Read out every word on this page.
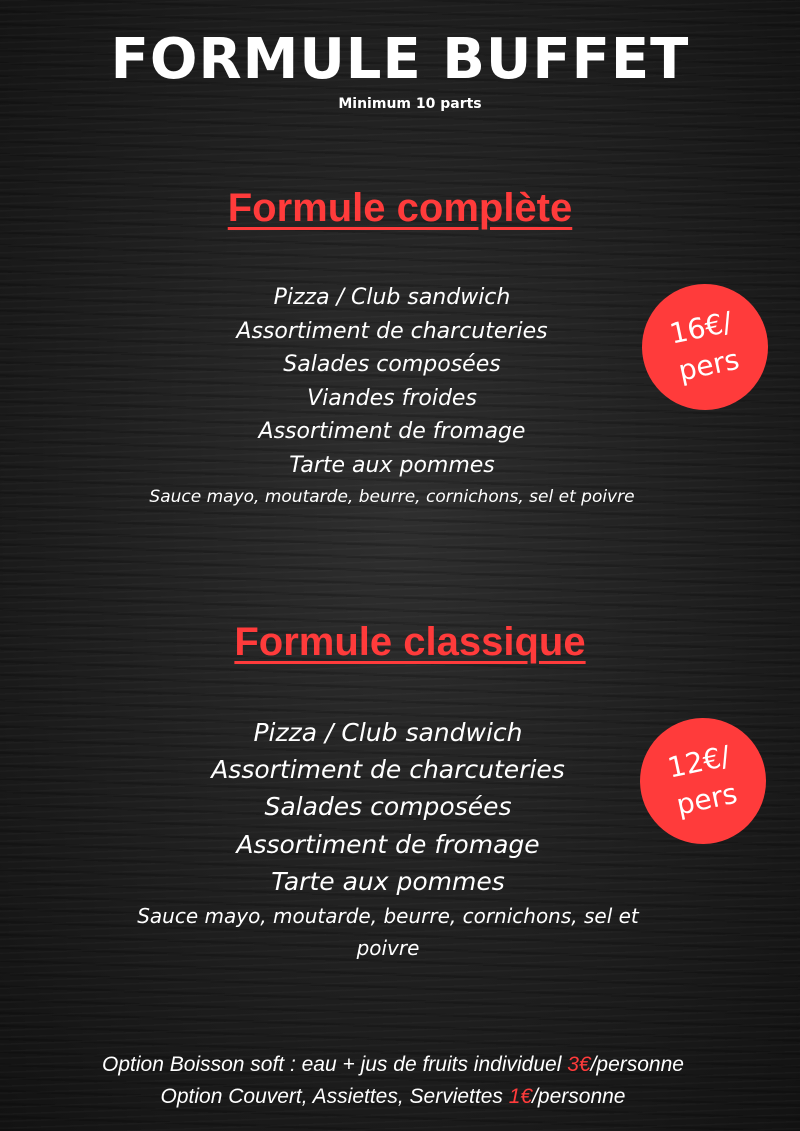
FORMULE BUFFET
Minimum 10 parts
Formule complète
Pizza / Club sandwich
Assortiment de charcuteries
Salades composées
Viandes froides
Assortiment de fromage
Tarte aux pommes
Sauce mayo, moutarde, beurre, cornichons, sel et poivre
16€/
pers
Formule classique
Pizza / Club sandwich
Assortiment de charcuteries
Salades composées
Assortiment de fromage
Tarte aux pommes
Sauce mayo, moutarde, beurre, cornichons, sel et poivre
12€/
pers
Option Boisson soft : eau + jus de fruits individuel 3€/personne
Option Couvert, Assiettes, Serviettes 1€/personne
